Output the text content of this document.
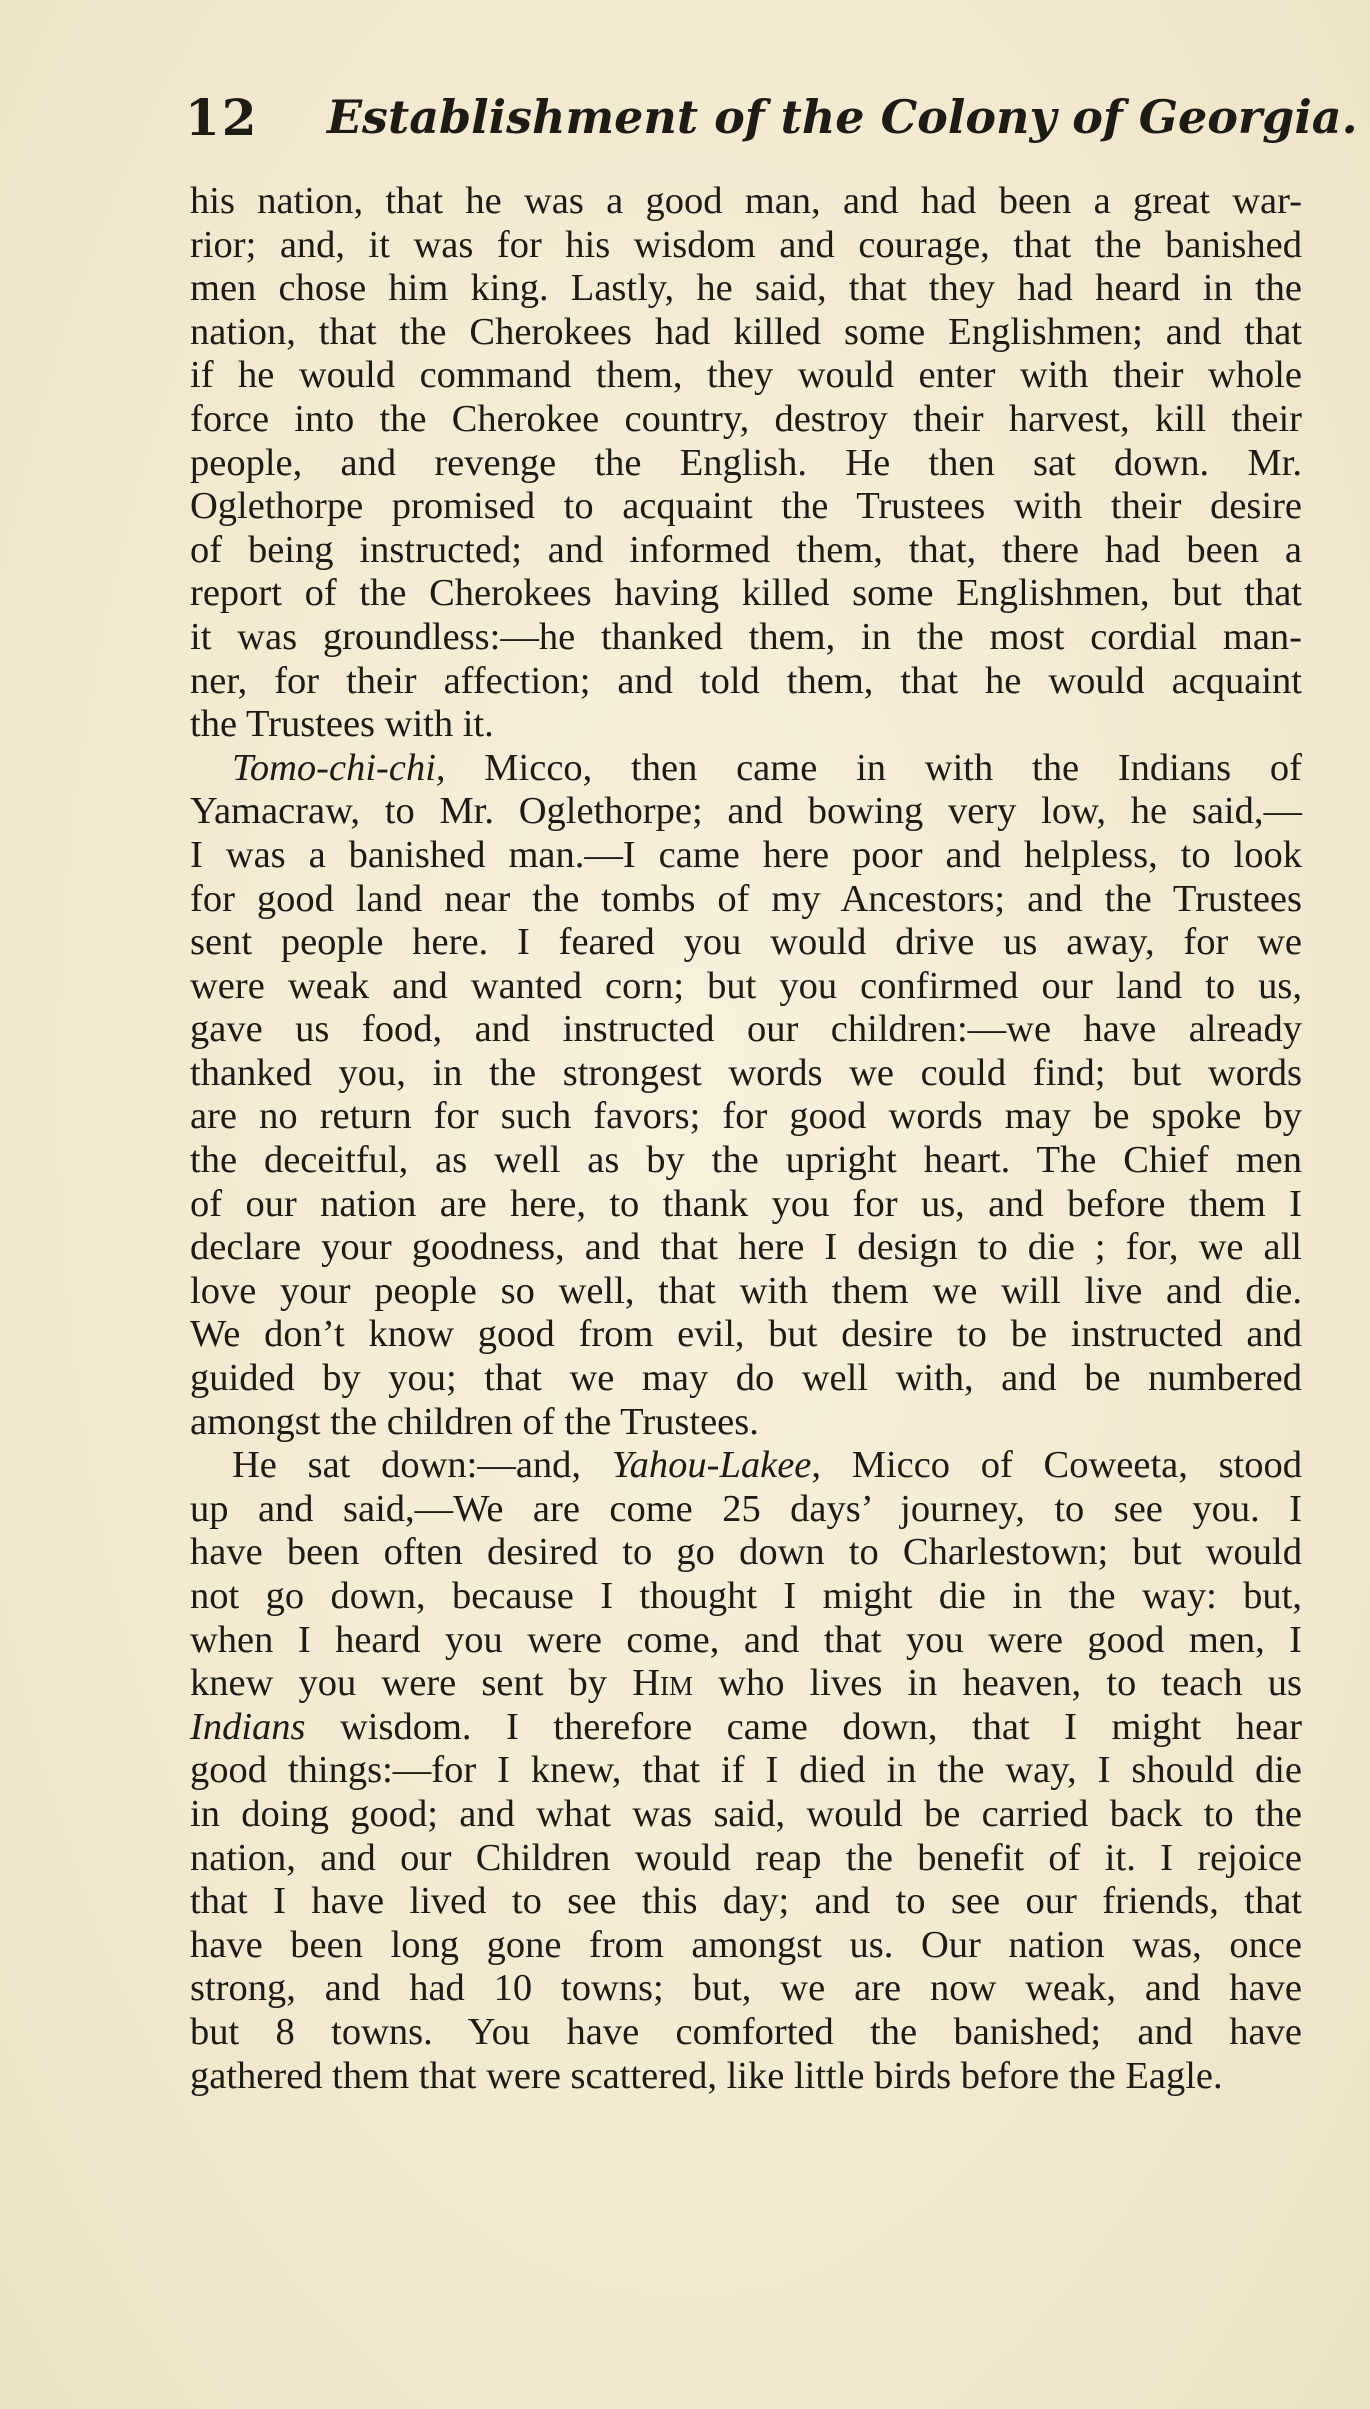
12 Establishment of the Colony of Georgia.
his nation, that he was a good man, and had been a great war-
rior; and, it was for his wisdom and courage, that the banished
men chose him king. Lastly, he said, that they had heard in the
nation, that the Cherokees had killed some Englishmen; and that
if he would command them, they would enter with their whole
force into the Cherokee country, destroy their harvest, kill their
people, and revenge the English. He then sat down. Mr.
Oglethorpe promised to acquaint the Trustees with their desire
of being instructed; and informed them, that, there had been a
report of the Cherokees having killed some Englishmen, but that
it was groundless:—he thanked them, in the most cordial man-
ner, for their affection; and told them, that he would acquaint
the Trustees with it.
Tomo-chi-chi, Micco, then came in with the Indians of
Yamacraw, to Mr. Oglethorpe; and bowing very low, he said,—
I was a banished man.—I came here poor and helpless, to look
for good land near the tombs of my Ancestors; and the Trustees
sent people here. I feared you would drive us away, for we
were weak and wanted corn; but you confirmed our land to us,
gave us food, and instructed our children:—we have already
thanked you, in the strongest words we could find; but words
are no return for such favors; for good words may be spoke by
the deceitful, as well as by the upright heart. The Chief men
of our nation are here, to thank you for us, and before them I
declare your goodness, and that here I design to die ; for, we all
love your people so well, that with them we will live and die.
We don’t know good from evil, but desire to be instructed and
guided by you; that we may do well with, and be numbered
amongst the children of the Trustees.
He sat down:—and, Yahou-Lakee, Micco of Coweeta, stood
up and said,—We are come 25 days’ journey, to see you. I
have been often desired to go down to Charlestown; but would
not go down, because I thought I might die in the way: but,
when I heard you were come, and that you were good men, I
knew you were sent by Him who lives in heaven, to teach us
Indians wisdom. I therefore came down, that I might hear
good things:—for I knew, that if I died in the way, I should die
in doing good; and what was said, would be carried back to the
nation, and our Children would reap the benefit of it. I rejoice
that I have lived to see this day; and to see our friends, that
have been long gone from amongst us. Our nation was, once
strong, and had 10 towns; but, we are now weak, and have
but 8 towns. You have comforted the banished; and have
gathered them that were scattered, like little birds before the Eagle.
